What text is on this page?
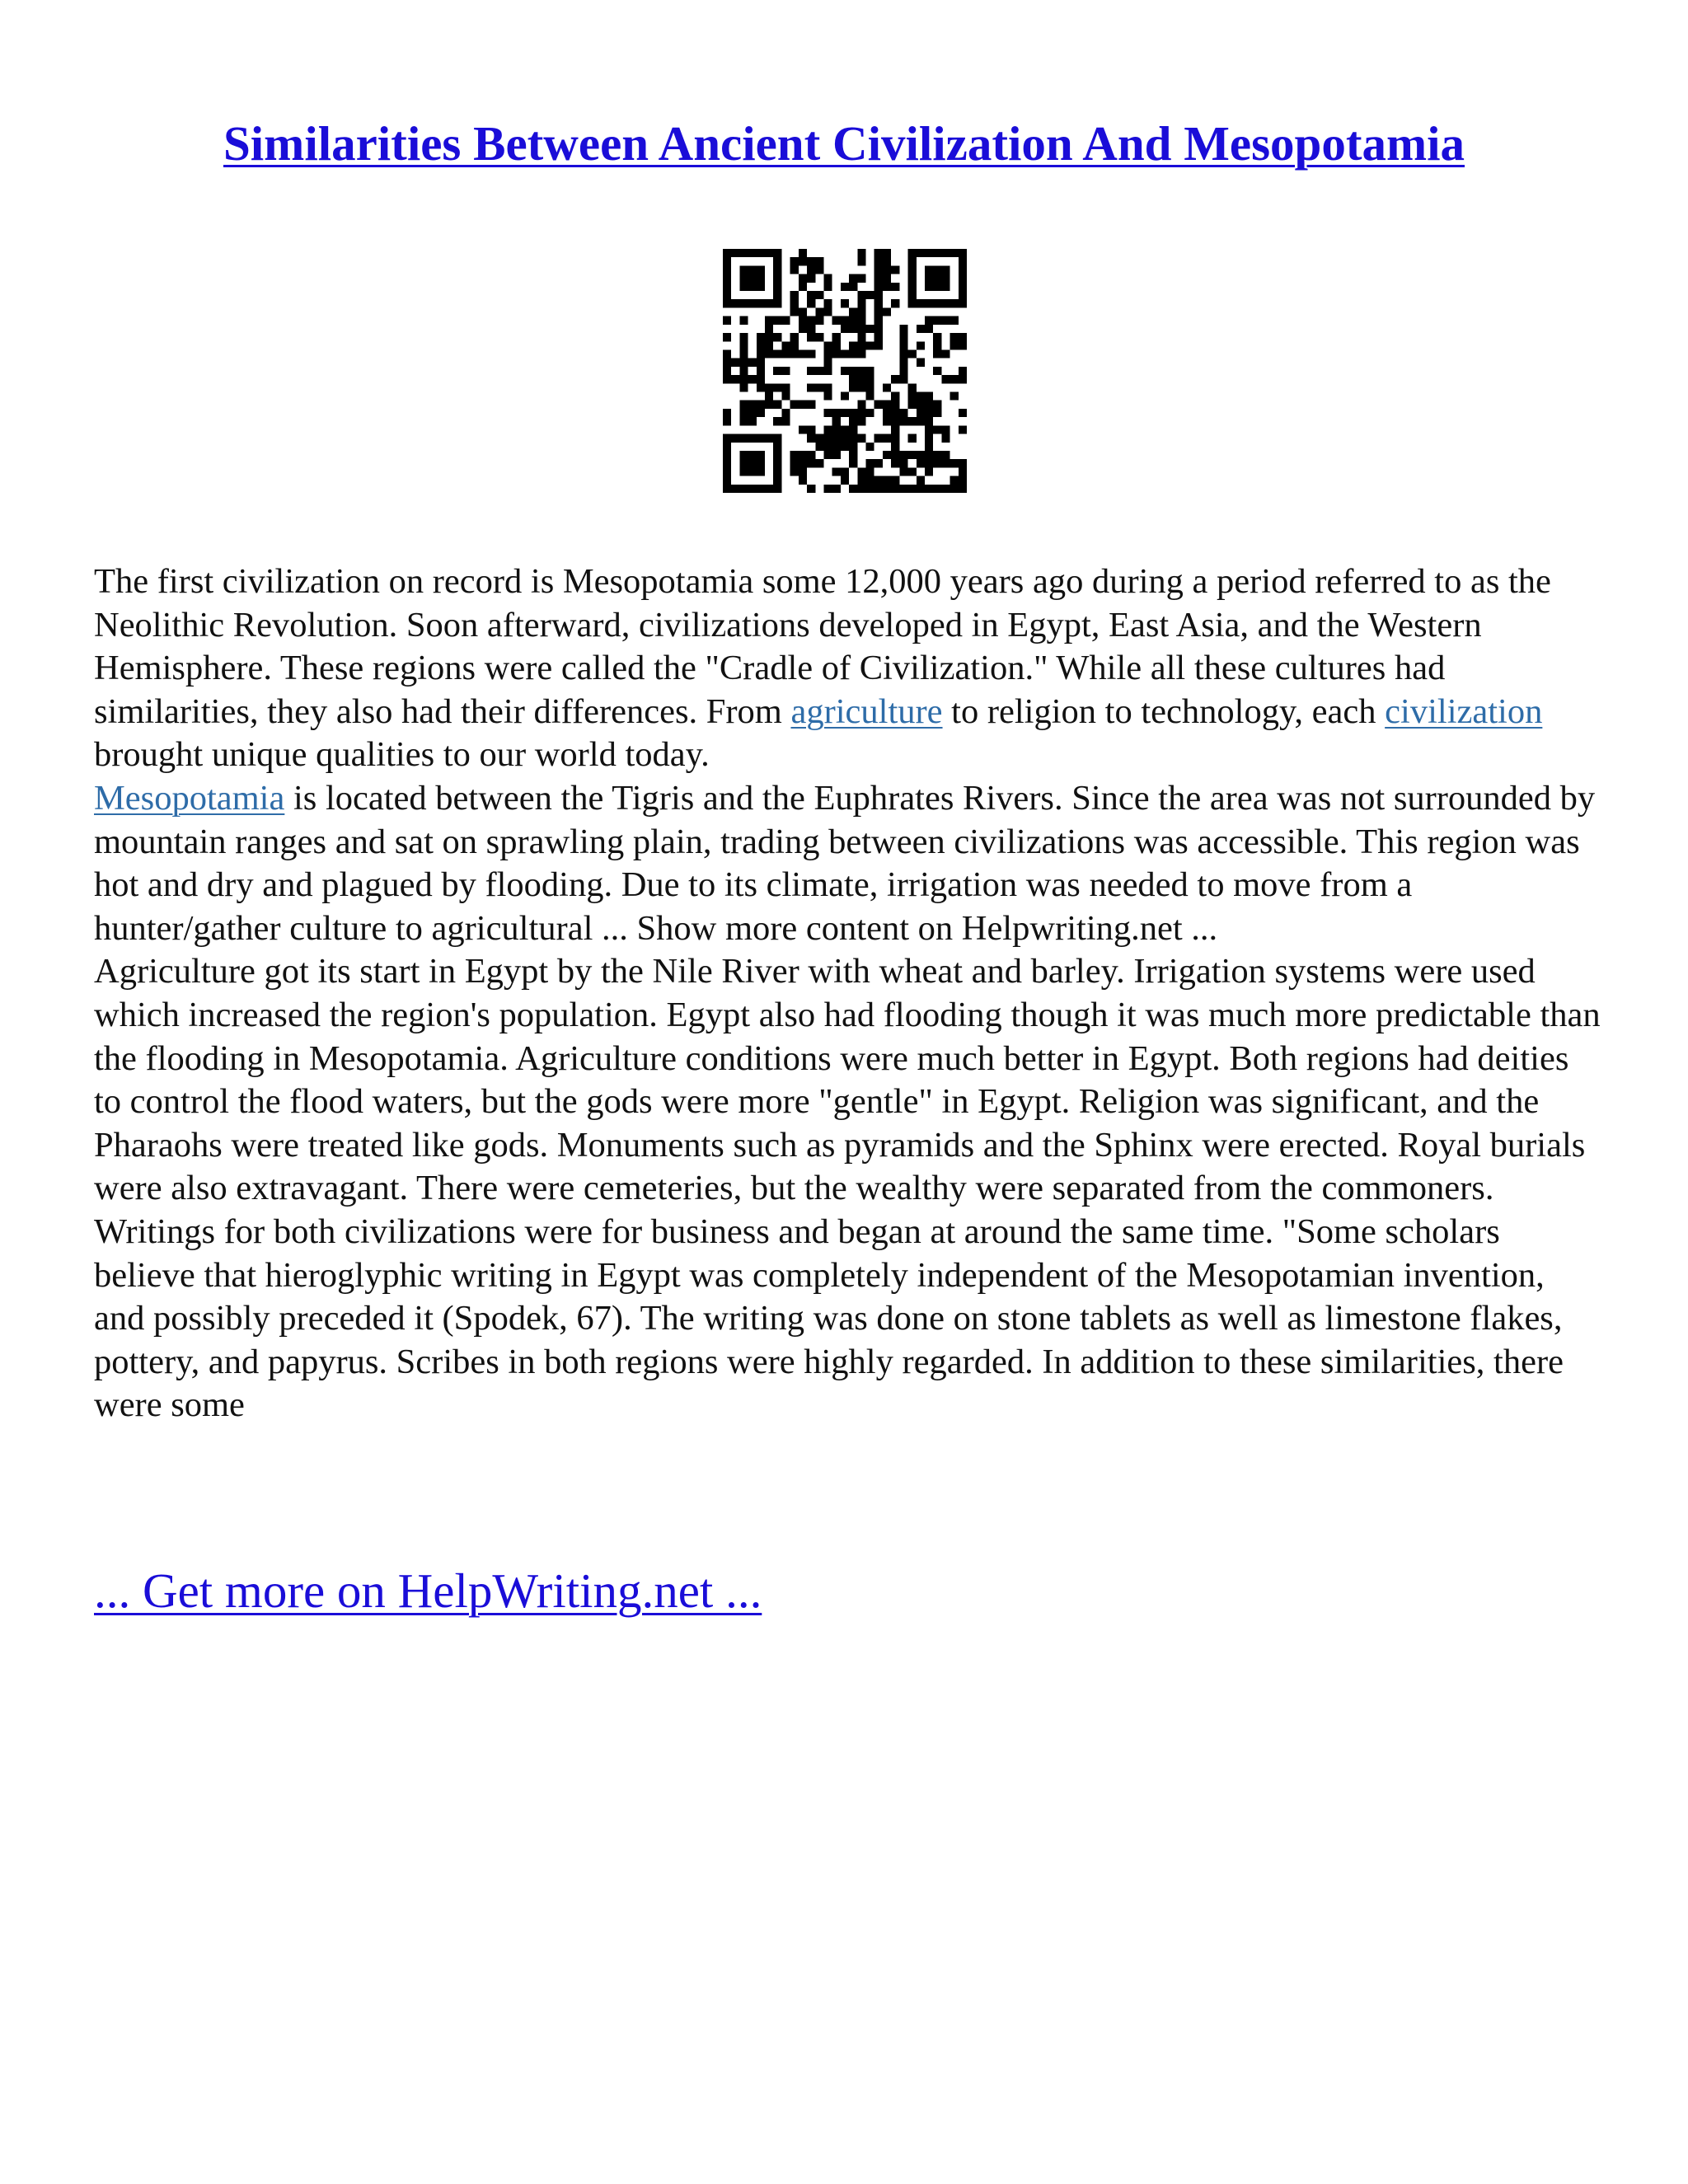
Similarities Between Ancient Civilization And Mesopotamia

The first civilization on record is Mesopotamia some 12,000 years ago during a period referred to as the Neolithic Revolution. Soon afterward, civilizations developed in Egypt, East Asia, and the Western Hemisphere. These regions were called the "Cradle of Civilization." While all these cultures had similarities, they also had their differences. From agriculture to religion to technology, each civilization brought unique qualities to our world today.

Mesopotamia is located between the Tigris and the Euphrates Rivers. Since the area was not surrounded by mountain ranges and sat on sprawling plain, trading between civilizations was accessible. This region was hot and dry and plagued by flooding. Due to its climate, irrigation was needed to move from a hunter/gather culture to agricultural ... Show more content on Helpwriting.net ...

Agriculture got its start in Egypt by the Nile River with wheat and barley. Irrigation systems were used which increased the region's population. Egypt also had flooding though it was much more predictable than the flooding in Mesopotamia. Agriculture conditions were much better in Egypt. Both regions had deities to control the flood waters, but the gods were more "gentle" in Egypt. Religion was significant, and the Pharaohs were treated like gods. Monuments such as pyramids and the Sphinx were erected. Royal burials were also extravagant. There were cemeteries, but the wealthy were separated from the commoners.

Writings for both civilizations were for business and began at around the same time. "Some scholars believe that hieroglyphic writing in Egypt was completely independent of the Mesopotamian invention, and possibly preceded it (Spodek, 67). The writing was done on stone tablets as well as limestone flakes, pottery, and papyrus. Scribes in both regions were highly regarded. In addition to these similarities, there were some

... Get more on HelpWriting.net ...
